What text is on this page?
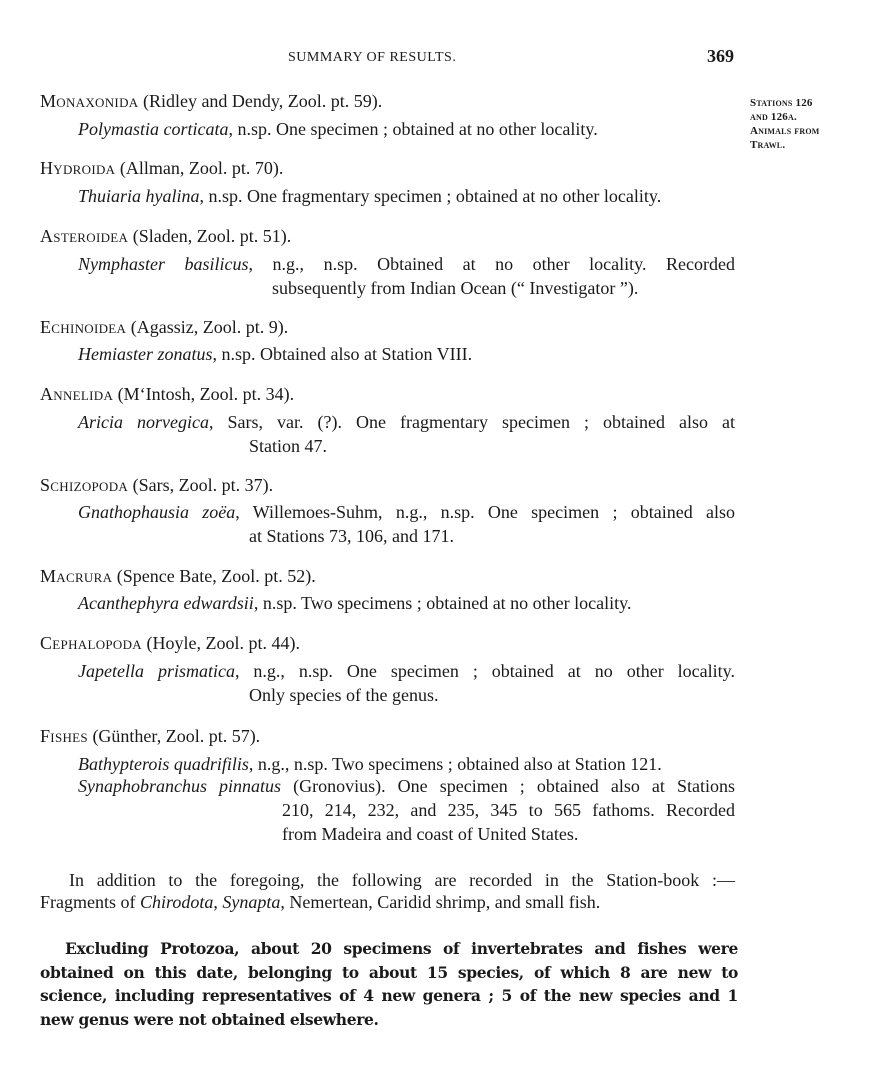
SUMMARY OF RESULTS.	369
Stations 126
and 126a.
Animals from
Trawl.
Monaxonida (Ridley and Dendy, Zool. pt. 59).
Polymastia corticata, n.sp. One specimen ; obtained at no other locality.
Hydroida (Allman, Zool. pt. 70).
Thuiaria hyalina, n.sp. One fragmentary specimen ; obtained at no other locality.
Asteroidea (Sladen, Zool. pt. 51).
Nymphaster basilicus, n.g., n.sp. Obtained at no other locality. Recorded
subsequently from Indian Ocean (“ Investigator ”).
Echinoidea (Agassiz, Zool. pt. 9).
Hemiaster zonatus, n.sp. Obtained also at Station VIII.
Annelida (M‘Intosh, Zool. pt. 34).
Aricia norvegica, Sars, var. (?). One fragmentary specimen ; obtained also at
Station 47.
Schizopoda (Sars, Zool. pt. 37).
Gnathophausia zoëa, Willemoes-Suhm, n.g., n.sp. One specimen ; obtained also
at Stations 73, 106, and 171.
Macrura (Spence Bate, Zool. pt. 52).
Acanthephyra edwardsii, n.sp. Two specimens ; obtained at no other locality.
Cephalopoda (Hoyle, Zool. pt. 44).
Japetella prismatica, n.g., n.sp. One specimen ; obtained at no other locality.
Only species of the genus.
Fishes (Günther, Zool. pt. 57).
Bathypterois quadrifilis, n.g., n.sp. Two specimens ; obtained also at Station 121.
Synaphobranchus pinnatus (Gronovius). One specimen ; obtained also at Stations
210, 214, 232, and 235, 345 to 565 fathoms. Recorded
from Madeira and coast of United States.
In addition to the foregoing, the following are recorded in the Station-book :—
Fragments of Chirodota, Synapta, Nemertean, Caridid shrimp, and small fish.
Excluding Protozoa, about 20 specimens of invertebrates and fishes were obtained on this date, belonging to about 15 species, of which 8 are new to science, including representatives of 4 new genera ; 5 of the new species and 1 new genus were not obtained elsewhere.
